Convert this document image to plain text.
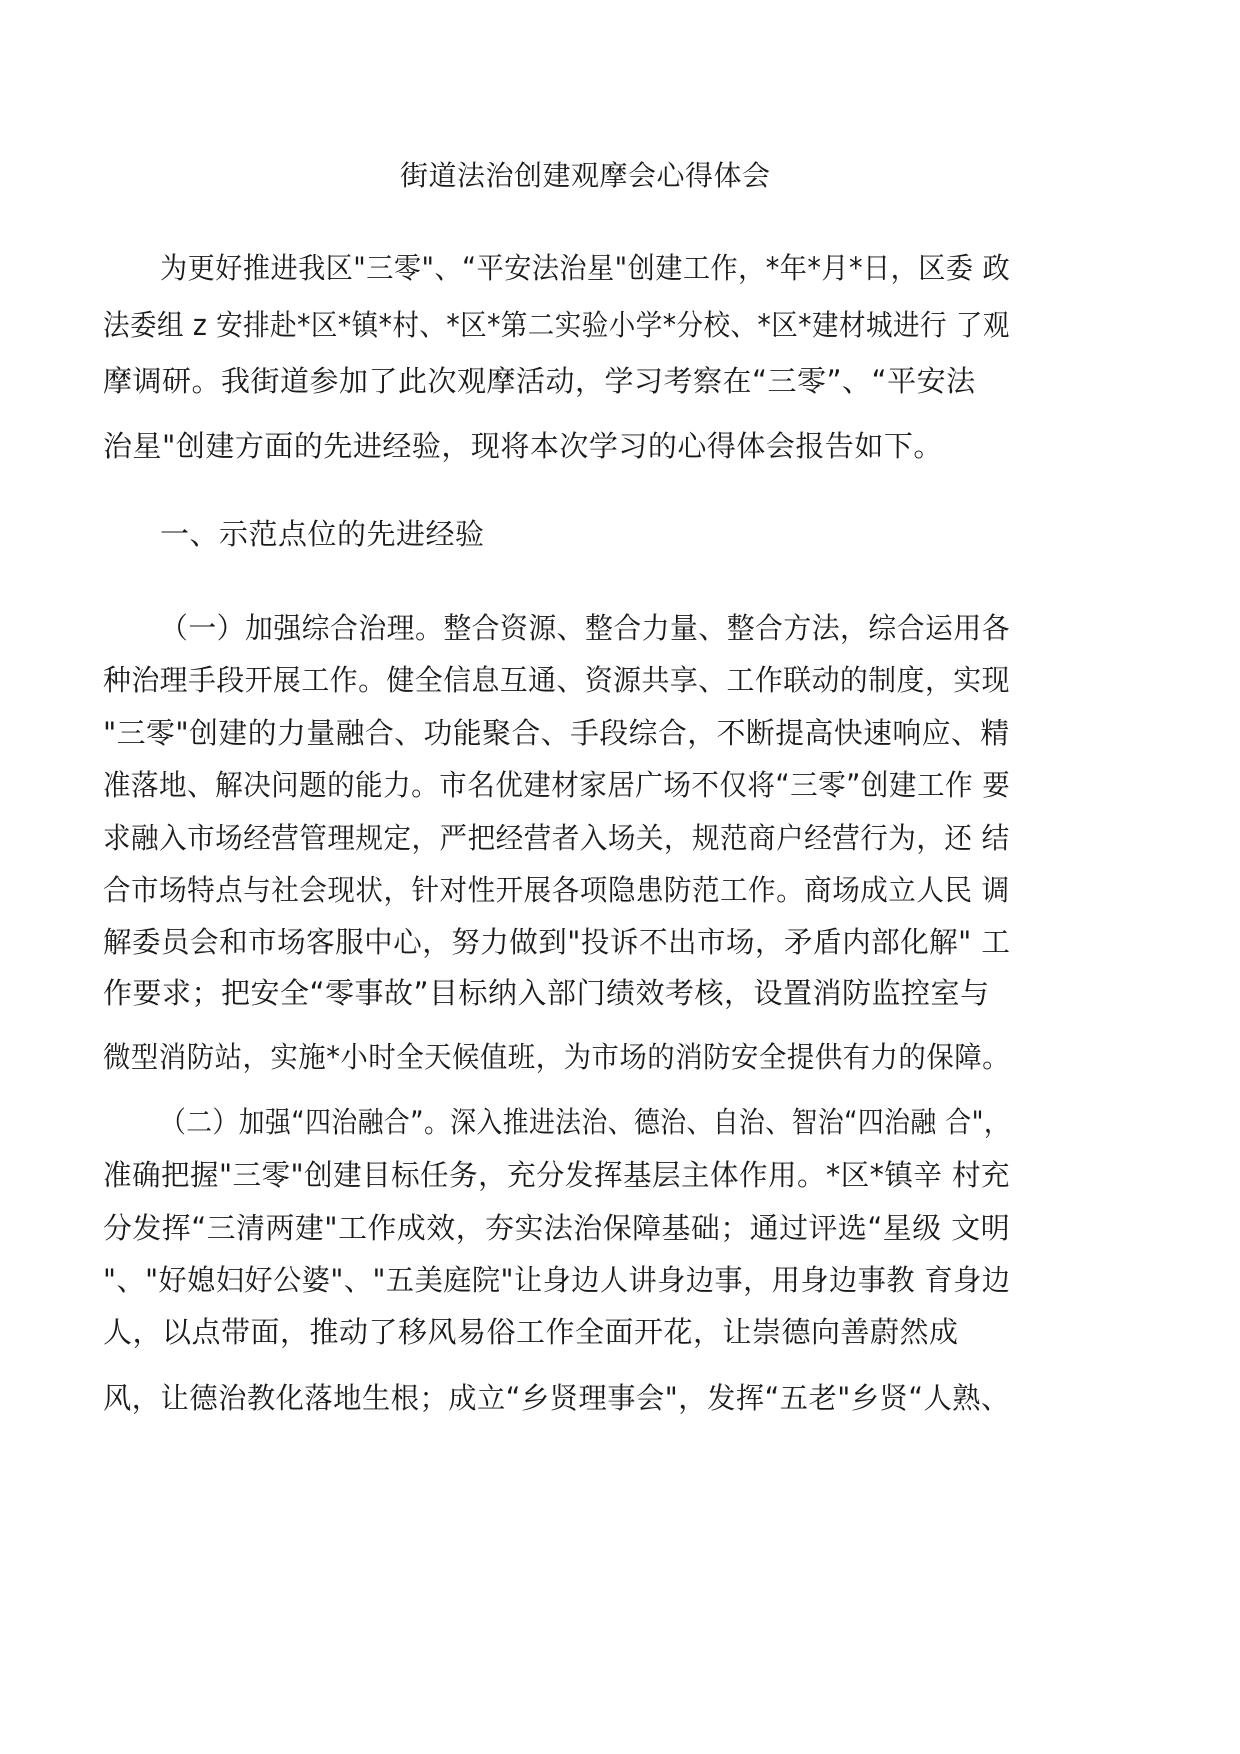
街道法治创建观摩会心得体会
为更好推进我区"三零"、“平安法治星"创建工作，*年*月*日，区委 政
法委组 z 安排赴*区*镇*村、*区*第二实验小学*分校、*区*建材城进行 了观
摩调研。我街道参加了此次观摩活动，学习考察在“三零”、“平安法
治星"创建方面的先进经验，现将本次学习的心得体会报告如下。
一、示范点位的先进经验
（一）加强综合治理。整合资源、整合力量、整合方法，综合运用各
种治理手段开展工作。健全信息互通、资源共享、工作联动的制度，实现
"三零"创建的力量融合、功能聚合、手段综合，不断提高快速响应、精
准落地、解决问题的能力。市名优建材家居广场不仅将“三零”创建工作 要
求融入市场经营管理规定，严把经营者入场关，规范商户经营行为，还 结
合市场特点与社会现状，针对性开展各项隐患防范工作。商场成立人民 调
解委员会和市场客服中心，努力做到"投诉不出市场，矛盾内部化解" 工
作要求；把安全“零事故”目标纳入部门绩效考核，设置消防监控室与
微型消防站，实施*小时全天候值班，为市场的消防安全提供有力的保障。
（二）加强“四治融合”。深入推进法治、德治、自治、智治“四治融 合"，
准确把握"三零"创建目标任务，充分发挥基层主体作用。*区*镇辛 村充
分发挥“三清两建"工作成效，夯实法治保障基础；通过评选“星级 文明
"、"好媳妇好公婆"、"五美庭院"让身边人讲身边事，用身边事教 育身边
人，以点带面，推动了移风易俗工作全面开花，让崇德向善蔚然成
风，让德治教化落地生根；成立“乡贤理事会"，发挥“五老"乡贤“人熟、
